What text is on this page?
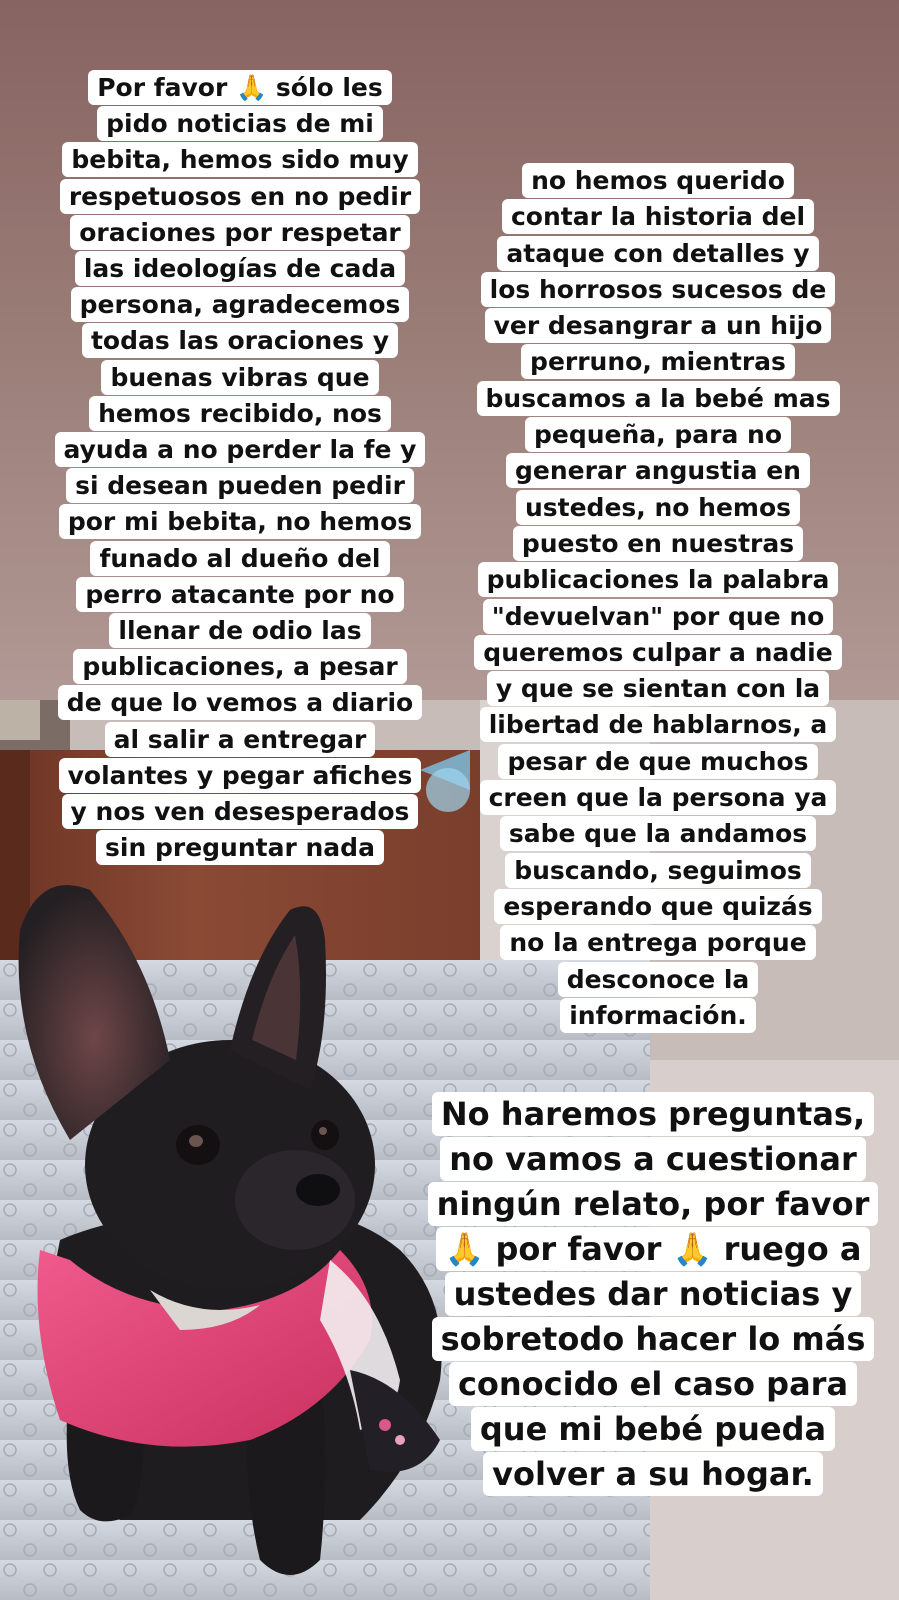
Por favor 🙏 sólo les
pido noticias de mi
bebita, hemos sido muy
respetuosos en no pedir
oraciones por respetar
las ideologías de cada
persona, agradecemos
todas las oraciones y
buenas vibras que
hemos recibido, nos
ayuda a no perder la fe y
si desean pueden pedir
por mi bebita, no hemos
funado al dueño del
perro atacante por no
llenar de odio las
publicaciones, a pesar
de que lo vemos a diario
al salir a entregar
volantes y pegar afiches
y nos ven desesperados
sin preguntar nada
no hemos querido
contar la historia del
ataque con detalles y
los horrosos sucesos de
ver desangrar a un hijo
perruno, mientras
buscamos a la bebé mas
pequeña, para no
generar angustia en
ustedes, no hemos
puesto en nuestras
publicaciones la palabra
"devuelvan" por que no
queremos culpar a nadie
y que se sientan con la
libertad de hablarnos, a
pesar de que muchos
creen que la persona ya
sabe que la andamos
buscando, seguimos
esperando que quizás
no la entrega porque
desconoce la
información.
No haremos preguntas,
no vamos a cuestionar
ningún relato, por favor
🙏 por favor 🙏 ruego a
ustedes dar noticias y
sobretodo hacer lo más
conocido el caso para
que mi bebé pueda
volver a su hogar.
